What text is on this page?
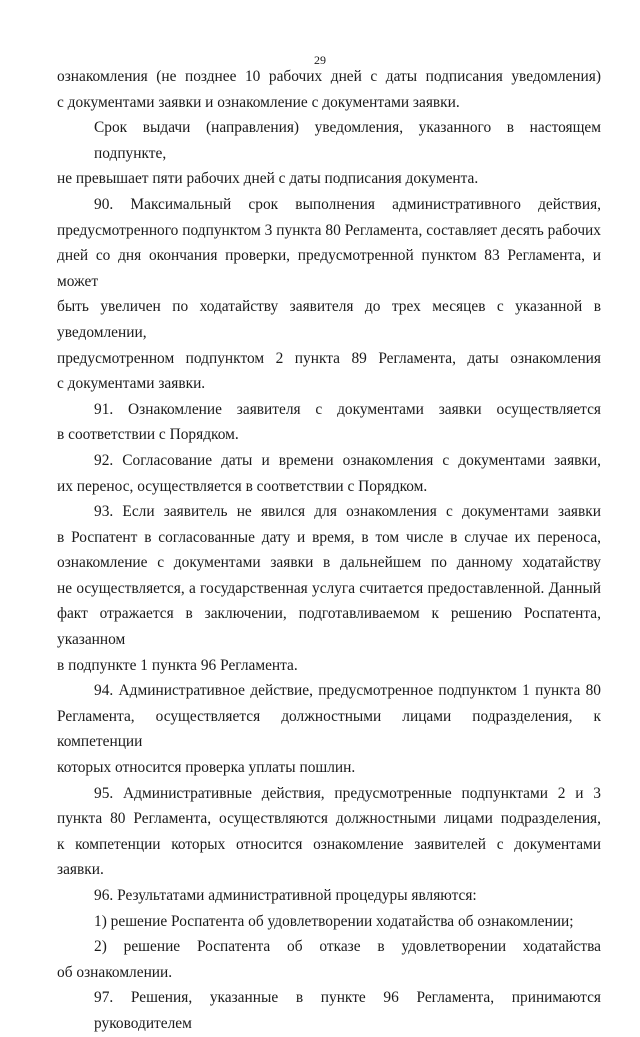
29
ознакомления (не позднее 10 рабочих дней с даты подписания уведомления)
с документами заявки и ознакомление с документами заявки.
Срок выдачи (направления) уведомления, указанного в настоящем подпункте,
не превышает пяти рабочих дней с даты подписания документа.
90. Максимальный срок выполнения административного действия,
предусмотренного подпунктом 3 пункта 80 Регламента, составляет десять рабочих
дней со дня окончания проверки, предусмотренной пунктом 83 Регламента, и может
быть увеличен по ходатайству заявителя до трех месяцев с указанной в уведомлении,
предусмотренном подпунктом 2 пункта 89 Регламента, даты ознакомления
с документами заявки.
91. Ознакомление заявителя с документами заявки осуществляется
в соответствии с Порядком.
92. Согласование даты и времени ознакомления с документами заявки,
их перенос, осуществляется в соответствии с Порядком.
93. Если заявитель не явился для ознакомления с документами заявки
в Роспатент в согласованные дату и время, в том числе в случае их переноса,
ознакомление с документами заявки в дальнейшем по данному ходатайству
не осуществляется, а государственная услуга считается предоставленной. Данный
факт отражается в заключении, подготавливаемом к решению Роспатента, указанном
в подпункте 1 пункта 96 Регламента.
94. Административное действие, предусмотренное подпунктом 1 пункта 80
Регламента, осуществляется должностными лицами подразделения, к компетенции
которых относится проверка уплаты пошлин.
95. Административные действия, предусмотренные подпунктами 2 и 3
пункта 80 Регламента, осуществляются должностными лицами подразделения,
к компетенции которых относится ознакомление заявителей с документами заявки.
96. Результатами административной процедуры являются:
1) решение Роспатента об удовлетворении ходатайства об ознакомлении;
2) решение Роспатента об отказе в удовлетворении ходатайства
об ознакомлении.
97. Решения, указанные в пункте 96 Регламента, принимаются руководителем
